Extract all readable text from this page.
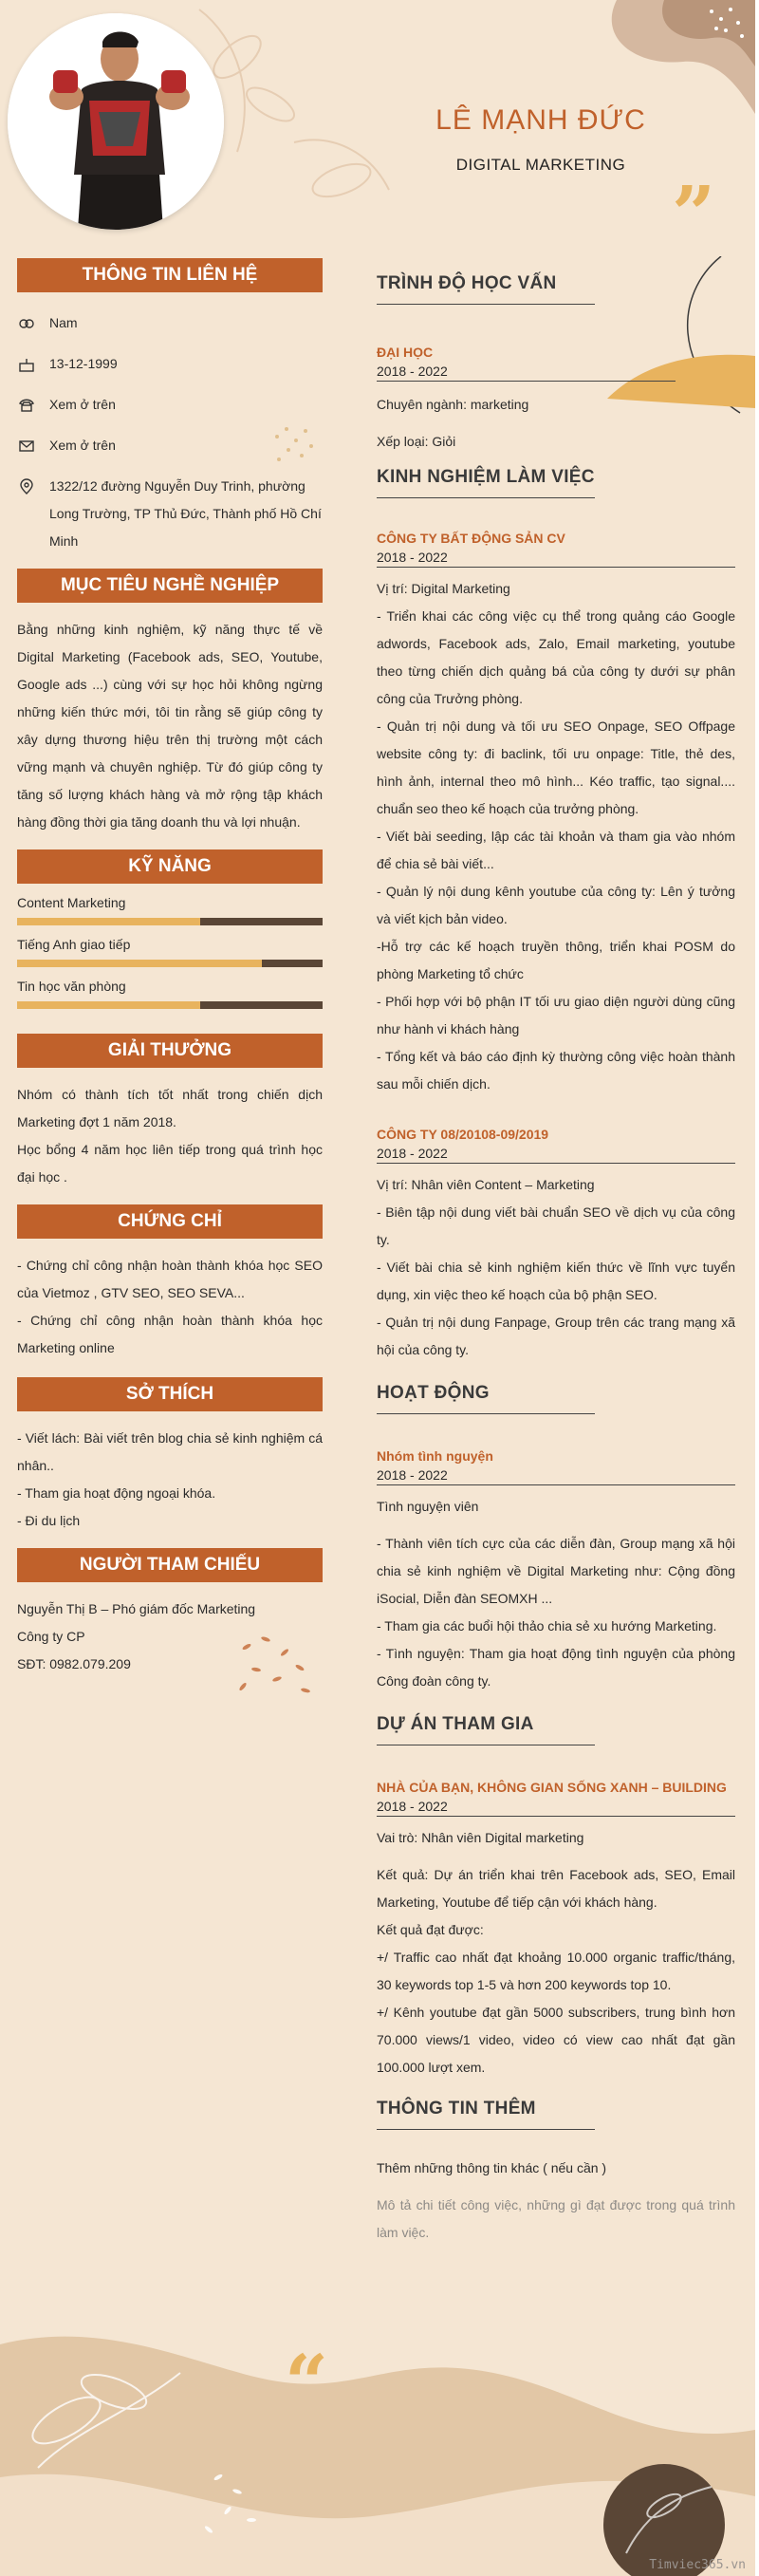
”
LÊ MẠNH ĐỨC
DIGITAL MARKETING
THÔNG TIN LIÊN HỆ
Nam
13-12-1999
Xem ở trên
Xem ở trên
1322/12 đường Nguyễn Duy Trinh, phường Long Trường, TP Thủ Đức, Thành phố Hồ Chí Minh
MỤC TIÊU NGHỀ NGHIỆP
Bằng những kinh nghiệm, kỹ năng thực tế về Digital Marketing (Facebook ads, SEO, Youtube, Google ads ...) cùng với sự học hỏi không ngừng những kiến thức mới, tôi tin rằng sẽ giúp công ty xây dựng thương hiệu trên thị trường một cách vững mạnh và chuyên nghiệp. Từ đó giúp công ty tăng số lượng khách hàng và mở rộng tập khách hàng đồng thời gia tăng doanh thu và lợi nhuận.
KỸ NĂNG
Content Marketing
Tiếng Anh giao tiếp
Tin học văn phòng
GIẢI THƯỞNG
Nhóm có thành tích tốt nhất trong chiến dịch Marketing đợt 1 năm 2018.
Học bổng 4 năm học liên tiếp trong quá trình học đại học .
CHỨNG CHỈ
- Chứng chỉ công nhận hoàn thành khóa học SEO của Vietmoz , GTV SEO, SEO SEVA...
- Chứng chỉ công nhận hoàn thành khóa học Marketing online
SỞ THÍCH
- Viết lách: Bài viết trên blog chia sẻ kinh nghiệm cá nhân..
- Tham gia hoạt động ngoại khóa.
- Đi du lịch
NGƯỜI THAM CHIẾU
Nguyễn Thị B – Phó giám đốc Marketing
Công ty CP
SĐT: 0982.079.209
TRÌNH ĐỘ HỌC VẤN
ĐẠI HỌC
2018 - 2022
Chuyên ngành: marketing
Xếp loại: Giỏi
KINH NGHIỆM LÀM VIỆC
CÔNG TY BẤT ĐỘNG SẢN CV
2018 - 2022
Vị trí: Digital Marketing
- Triển khai các công việc cụ thể trong quảng cáo Google adwords, Facebook ads, Zalo, Email marketing, youtube theo từng chiến dịch quảng bá của công ty dưới sự phân công của Trưởng phòng.
- Quản trị nội dung và tối ưu SEO Onpage, SEO Offpage website công ty: đi baclink, tối ưu onpage: Title, thẻ des, hình ảnh, internal theo mô hình... Kéo traffic, tạo signal.... chuẩn seo theo kế hoạch của trưởng phòng.
- Viết bài seeding, lập các tài khoản và tham gia vào nhóm để chia sẻ bài viết...
- Quản lý nội dung kênh youtube của công ty: Lên ý tưởng và viết kịch bản video.
-Hỗ trợ các kế hoạch truyền thông, triển khai POSM do phòng Marketing tổ chức
- Phối hợp với bộ phận IT tối ưu giao diện người dùng cũng như hành vi khách hàng
- Tổng kết và báo cáo định kỳ thường công việc hoàn thành sau mỗi chiến dịch.
CÔNG TY 08/20108-09/2019
2018 - 2022
Vị trí: Nhân viên Content – Marketing
- Biên tập nội dung viết bài chuẩn SEO về dịch vụ của công ty.
- Viết bài chia sẻ kinh nghiệm kiến thức về lĩnh vực tuyển dụng, xin việc theo kế hoạch của bộ phận SEO.
- Quản trị nội dung Fanpage, Group trên các trang mạng xã hội của công ty.
HOẠT ĐỘNG
Nhóm tình nguyện
2018 - 2022
Tình nguyện viên
- Thành viên tích cực của các diễn đàn, Group mạng xã hội chia sẻ kinh nghiệm về Digital Marketing như: Cộng đồng iSocial, Diễn đàn SEOMXH ...
- Tham gia các buổi hội thảo chia sẻ xu hướng Marketing.
- Tình nguyện: Tham gia hoạt động tình nguyện của phòng Công đoàn công ty.
DỰ ÁN THAM GIA
NHÀ CỦA BẠN, KHÔNG GIAN SỐNG XANH – BUILDING
2018 - 2022
Vai trò: Nhân viên Digital marketing
Kết quả: Dự án triển khai trên Facebook ads, SEO, Email Marketing, Youtube để tiếp cận với khách hàng.
Kết quả đạt được:
+/ Traffic cao nhất đạt khoảng 10.000 organic traffic/tháng, 30 keywords top 1-5 và hơn 200 keywords top 10.
+/ Kênh youtube đạt gần 5000 subscribers, trung bình hơn 70.000 views/1 video, video có view cao nhất đạt gần 100.000 lượt xem.
THÔNG TIN THÊM
Thêm những thông tin khác ( nếu cần )
Mô tả chi tiết công việc, những gì đạt được trong quá trình làm việc.
“
Timviec365.vn
